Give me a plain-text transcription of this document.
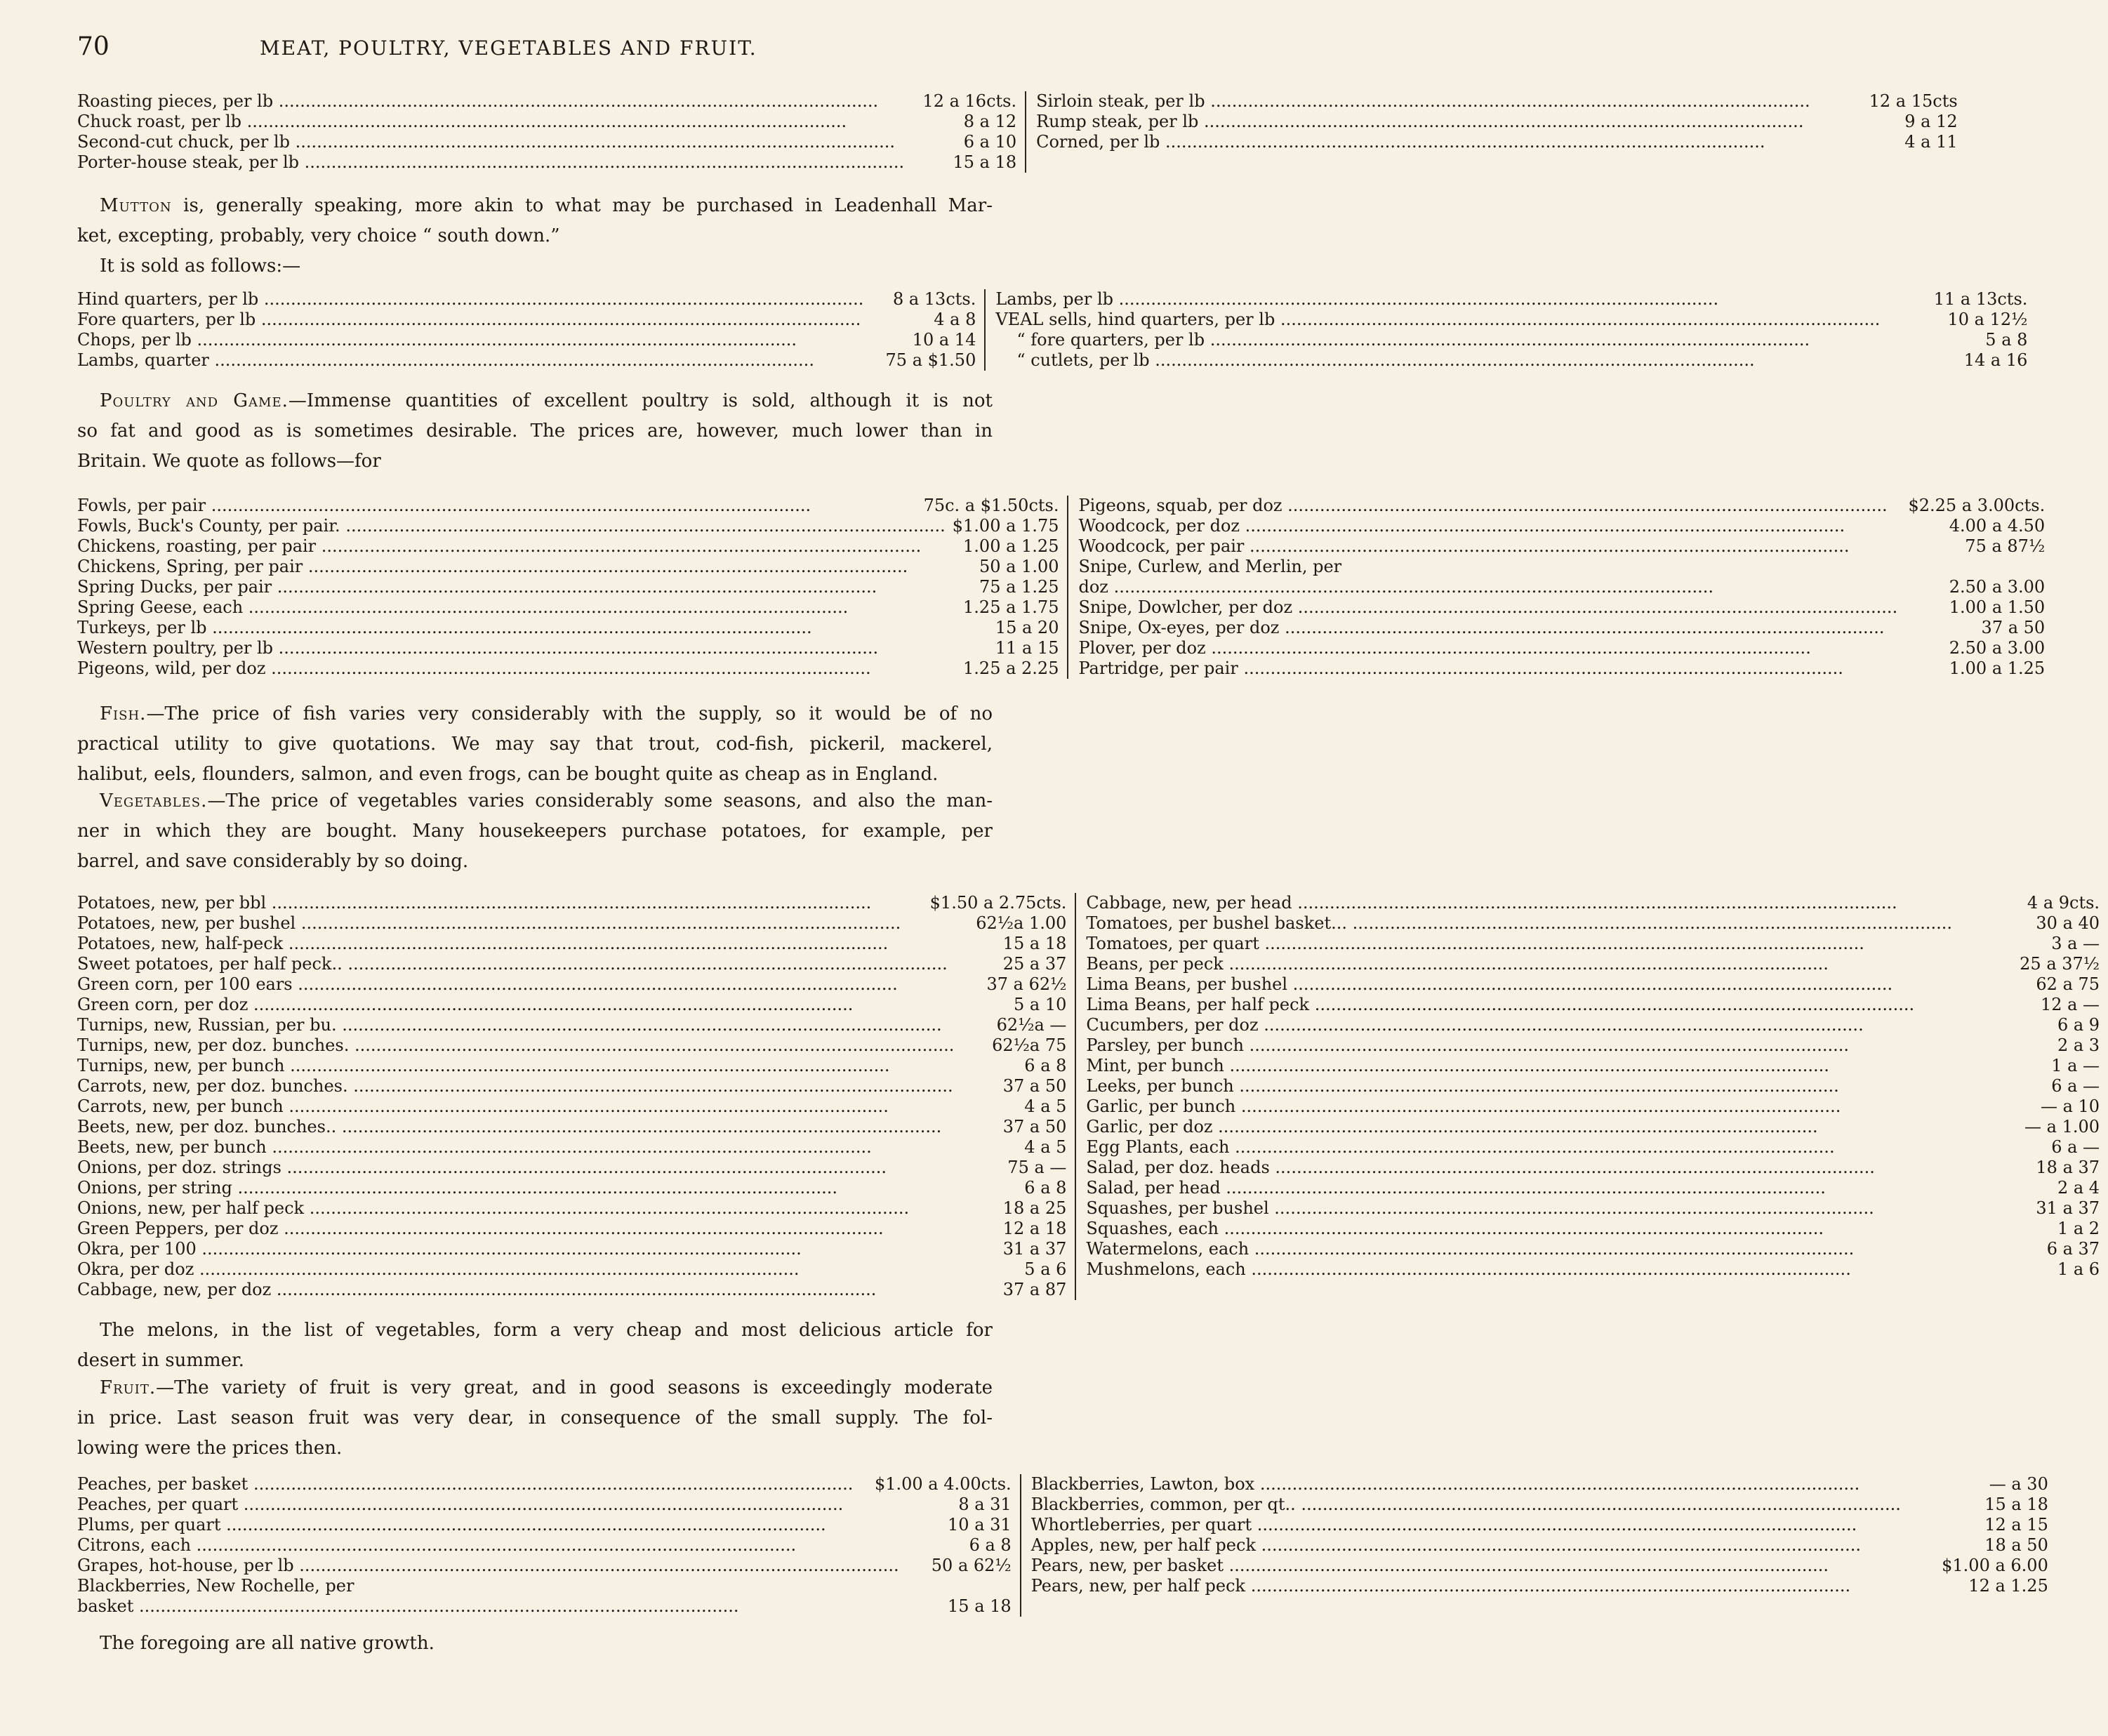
70	MEAT, POULTRY, VEGETABLES AND FRUIT.
Roasting pieces, per lb .....	12 a 16cts.
Chuck roast, per lb .....	8 a 12
Second-cut chuck, per lb .....	6 a 10
Porter-house steak, per lb .....	15 a 18
Sirloin steak, per lb .....	12 a 15cts
Rump steak, per lb .....	9 a 12
Corned, per lb .....	4 a 11

Mutton is, generally speaking, more akin to what may be purchased in Leadenhall Mar-

ket, excepting, probably, very choice “ south down.”

It is sold as follows:—

Hind quarters, per lb .....	8 a 13cts.
Fore quarters, per lb .....	4 a 8
Chops, per lb .....	10 a 14
Lambs, quarter .....	75 a $1.50
Lambs, per lb .....	11 a 13cts.
VEAL sells, hind quarters, per lb .....	10 a 12½
“ fore quarters, per lb .....	5 a 8
“ cutlets, per lb .....	14 a 16

Poultry and Game.—Immense quantities of excellent poultry is sold, although it is not

so fat and good as is sometimes desirable. The prices are, however, much lower than in

Britain. We quote as follows—for

Fowls, per pair .....	75c. a $1.50cts.
Fowls, Buck's County, per pair. .....	$1.00 a 1.75
Chickens, roasting, per pair .....	1.00 a 1.25
Chickens, Spring, per pair .....	50 a 1.00
Spring Ducks, per pair .....	75 a 1.25
Spring Geese, each .....	1.25 a 1.75
Turkeys, per lb .....	15 a 20
Western poultry, per lb .....	11 a 15
Pigeons, wild, per doz .....	1.25 a 2.25
Pigeons, squab, per doz .....	$2.25 a 3.00cts.
Woodcock, per doz .....	4.00 a 4.50
Woodcock, per pair .....	75 a 87½
Snipe, Curlew, and Merlin, per
doz .....	2.50 a 3.00
Snipe, Dowlcher, per doz .....	1.00 a 1.50
Snipe, Ox-eyes, per doz .....	37 a 50
Plover, per doz .....	2.50 a 3.00
Partridge, per pair .....	1.00 a 1.25

Fish.—The price of fish varies very considerably with the supply, so it would be of no

practical utility to give quotations. We may say that trout, cod-fish, pickeril, mackerel,

halibut, eels, flounders, salmon, and even frogs, can be bought quite as cheap as in England.

Vegetables.—The price of vegetables varies considerably some seasons, and also the man-

ner in which they are bought. Many housekeepers purchase potatoes, for example, per

barrel, and save considerably by so doing.

Potatoes, new, per bbl .....	$1.50 a 2.75cts.
Potatoes, new, per bushel .....	62½a 1.00
Potatoes, new, half-peck .....	15 a 18
Sweet potatoes, per half peck.. .....	25 a 37
Green corn, per 100 ears .....	37 a 62½
Green corn, per doz .....	5 a 10
Turnips, new, Russian, per bu. .....	62½a —
Turnips, new, per doz. bunches. .....	62½a 75
Turnips, new, per bunch .....	6 a 8
Carrots, new, per doz. bunches. .....	37 a 50
Carrots, new, per bunch .....	4 a 5
Beets, new, per doz. bunches.. .....	37 a 50
Beets, new, per bunch .....	4 a 5
Onions, per doz. strings .....	75 a —
Onions, per string .....	6 a 8
Onions, new, per half peck .....	18 a 25
Green Peppers, per doz .....	12 a 18
Okra, per 100 .....	31 a 37
Okra, per doz .....	5 a 6
Cabbage, new, per doz .....	37 a 87
Cabbage, new, per head .....	4 a 9cts.
Tomatoes, per bushel basket... .....	30 a 40
Tomatoes, per quart .....	3 a —
Beans, per peck .....	25 a 37½
Lima Beans, per bushel .....	62 a 75
Lima Beans, per half peck .....	12 a —
Cucumbers, per doz .....	6 a 9
Parsley, per bunch .....	2 a 3
Mint, per bunch .....	1 a —
Leeks, per bunch .....	6 a —
Garlic, per bunch .....	— a 10
Garlic, per doz .....	— a 1.00
Egg Plants, each .....	6 a —
Salad, per doz. heads .....	18 a 37
Salad, per head .....	2 a 4
Squashes, per bushel .....	31 a 37
Squashes, each .....	1 a 2
Watermelons, each .....	6 a 37
Mushmelons, each .....	1 a 6

The melons, in the list of vegetables, form a very cheap and most delicious article for

desert in summer.

Fruit.—The variety of fruit is very great, and in good seasons is exceedingly moderate

in price. Last season fruit was very dear, in consequence of the small supply. The fol-

lowing were the prices then.

Peaches, per basket .....	$1.00 a 4.00cts.
Peaches, per quart .....	8 a 31
Plums, per quart .....	10 a 31
Citrons, each .....	6 a 8
Grapes, hot-house, per lb .....	50 a 62½
Blackberries, New Rochelle, per
basket .....	15 a 18
Blackberries, Lawton, box .....	— a 30
Blackberries, common, per qt.. .....	15 a 18
Whortleberries, per quart .....	12 a 15
Apples, new, per half peck .....	18 a 50
Pears, new, per basket .....	$1.00 a 6.00
Pears, new, per half peck .....	12 a 1.25

The foregoing are all native growth.
